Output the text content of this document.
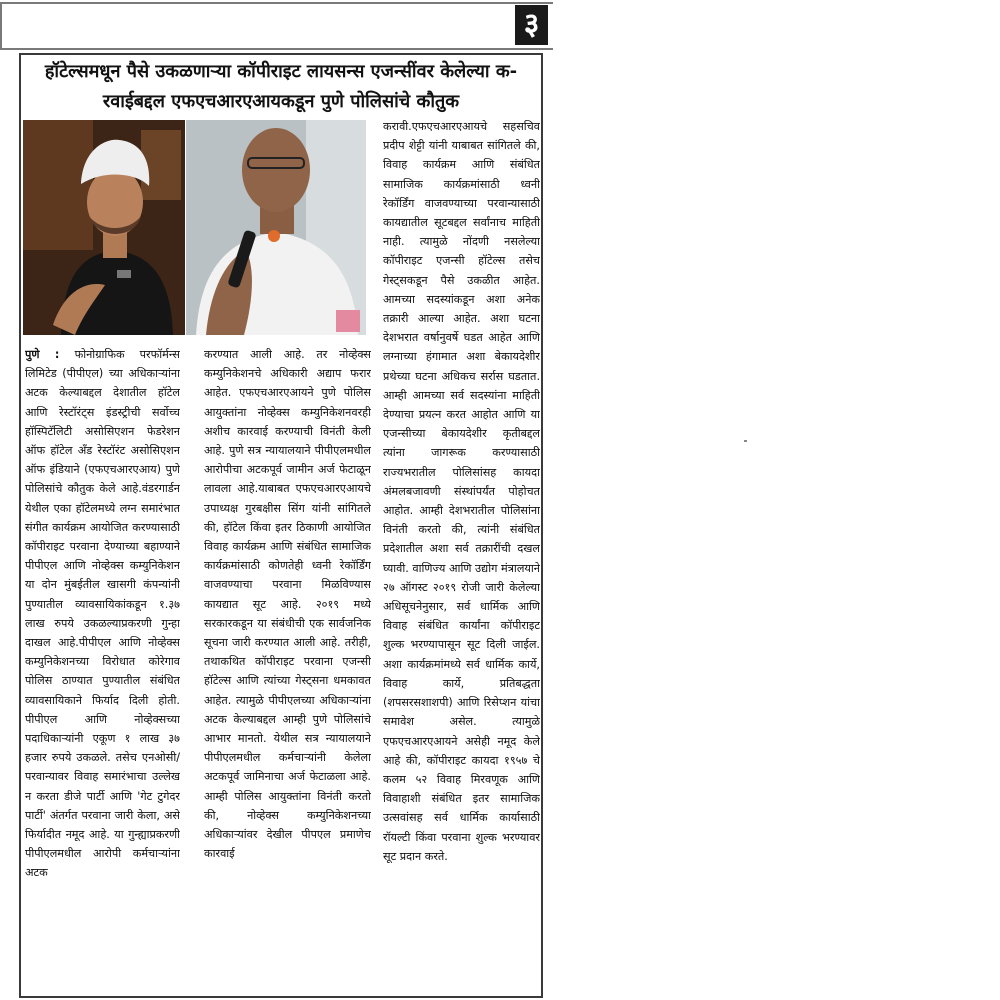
३
हॉटेल्समधून पैसे उकळणाऱ्या कॉपीराइट लायसन्स एजन्सींवर केलेल्या क-
रवाईबद्दल एफएचआरएआयकडून पुणे पोलिसांचे कौतुक

पुणे : फोनोग्राफिक परफॉर्मन्स लिमिटेड (पीपीएल) च्या अधिकाऱ्यांना अटक केल्याबद्दल देशातील हॉटेल आणि रेस्टॉरंट्स इंडस्ट्रीची सर्वोच्च हॉस्पिटॅलिटी असोसिएशन फेडरेशन ऑफ हॉटेल अँड रेस्टॉरंट असोसिएशन ऑफ इंडियाने (एफएचआरएआय) पुणे पोलिसांचे कौतुक केले आहे.वंडरगार्डन येथील एका हॉटेलमध्ये लग्न समारंभात संगीत कार्यक्रम आयोजित करण्यासाठी कॉपीराइट परवाना देण्याच्या बहाण्याने पीपीएल आणि नोव्हेक्स कम्युनिकेशन या दोन मुंबईतील खासगी कंपन्यांनी पुण्यातील व्यावसायिकांकडून १.३७ लाख रुपये उकळल्याप्रकरणी गुन्हा दाखल आहे.पीपीएल आणि नोव्हेक्स कम्युनिकेशनच्या विरोधात कोरेगाव पोलिस ठाण्यात पुण्यातील संबंधित व्यावसायिकाने फिर्याद दिली होती. पीपीएल आणि नोव्हेक्सच्या पदाधिकाऱ्यांनी एकूण १ लाख ३७ हजार रुपये उकळले. तसेच एनओसी/परवान्यावर विवाह समारंभाचा उल्लेख न करता डीजे पार्टी आणि 'गेट टुगेदर पार्टी' अंतर्गत परवाना जारी केला, असे फिर्यादीत नमूद आहे. या गुन्ह्याप्रकरणी पीपीएलमधील आरोपी कर्मचाऱ्यांना अटक

करण्यात आली आहे. तर नोव्हेक्स कम्युनिकेशनचे अधिकारी अद्याप फरार आहेत. एफएचआरएआयने पुणे पोलिस आयुक्तांना नोव्हेक्स कम्युनिकेशनवरही अशीच कारवाई करण्याची विनंती केली आहे. पुणे सत्र न्यायालयाने पीपीएलमधील आरोपीचा अटकपूर्व जामीन अर्ज फेटाळून लावला आहे.याबाबत एफएचआरएआयचे उपाध्यक्ष गुरबक्षीस सिंग यांनी सांगितले की, हॉटेल किंवा इतर ठिकाणी आयोजित विवाह कार्यक्रम आणि संबंधित सामाजिक कार्यक्रमांसाठी कोणतेही ध्वनी रेकॉर्डिंग वाजवण्याचा परवाना मिळविण्यास कायद्यात सूट आहे. २०१९ मध्ये सरकारकडून या संबंधीची एक सार्वजनिक सूचना जारी करण्यात आली आहे. तरीही, तथाकथित कॉपीराइट परवाना एजन्सी हॉटेल्स आणि त्यांच्या गेस्ट्सना धमकावत आहेत. त्यामुळे पीपीएलच्या अधिकाऱ्यांना अटक केल्याबद्दल आम्ही पुणे पोलिसांचे आभार मानतो. येथील सत्र न्यायालयाने पीपीएलमधील कर्मचाऱ्यांनी केलेला अटकपूर्व जामिनाचा अर्ज फेटाळला आहे. आम्ही पोलिस आयुक्तांना विनंती करतो की, नोव्हेक्स कम्युनिकेशनच्या अधिकाऱ्यांवर देखील पीपएल प्रमाणेच कारवाई

करावी.एफएचआरएआयचे सहसचिव प्रदीप शेट्टी यांनी याबाबत सांगितले की, विवाह कार्यक्रम आणि संबंधित सामाजिक कार्यक्रमांसाठी ध्वनी रेकॉर्डिंग वाजवण्याच्या परवान्यासाठी कायद्यातील सूटबद्दल सर्वांनाच माहिती नाही. त्यामुळे नोंदणी नसलेल्या कॉपीराइट एजन्सी हॉटेल्स तसेच गेस्ट्सकडून पैसे उकळीत आहेत. आमच्या सदस्यांकडून अशा अनेक तक्रारी आल्या आहेत. अशा घटना देशभरात वर्षानुवर्षे घडत आहेत आणि लग्नाच्या हंगामात अशा बेकायदेशीर प्रथेच्या घटना अधिकच सर्रास घडतात. आम्ही आमच्या सर्व सदस्यांना माहिती देण्याचा प्रयत्न करत आहोत आणि या एजन्सीच्या बेकायदेशीर कृतीबद्दल त्यांना जागरूक करण्यासाठी राज्यभरातील पोलिसांसह कायदा अंमलबजावणी संस्थांपर्यंत पोहोचत आहोत. आम्ही देशभरातील पोलिसांना विनंती करतो की, त्यांनी संबंधित प्रदेशातील अशा सर्व तक्रारींची दखल घ्यावी. वाणिज्य आणि उद्योग मंत्रालयाने २७ ऑगस्ट २०१९ रोजी जारी केलेल्या अधिसूचनेनुसार, सर्व धार्मिक आणि विवाह संबंधित कार्यांना कॉपीराइट शुल्क भरण्यापासून सूट दिली जाईल. अशा कार्यक्रमांमध्ये सर्व धार्मिक कार्ये, विवाह कार्ये, प्रतिबद्धता (शपसरसशाशपी) आणि रिसेप्शन यांचा समावेश असेल. त्यामुळे एफएचआरएआयने असेही नमूद केले आहे की, कॉपीराइट कायदा १९५७ चे कलम ५२ विवाह मिरवणूक आणि विवाहाशी संबंधित इतर सामाजिक उत्सवांसह सर्व धार्मिक कार्यासाठी रॉयल्टी किंवा परवाना शुल्क भरण्यावर सूट प्रदान करते.
